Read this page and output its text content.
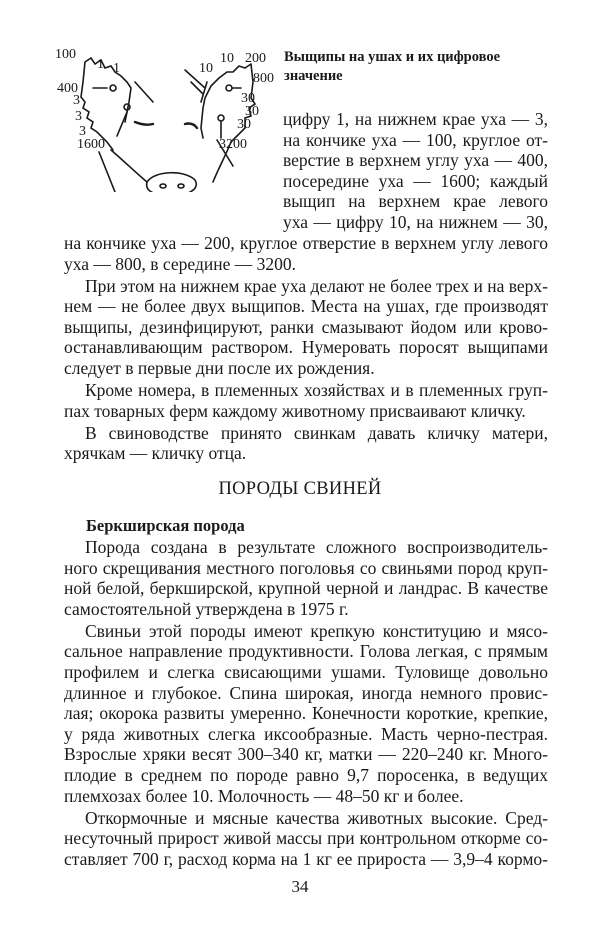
100
1 1
400
3
3
3
1600
10
10 200
800
30
30
30
3200
Выщипы на ушах и их цифровое значение
цифру 1, на нижнем крае уха — 3,
на кончике уха — 100, круглое от-
верстие в верхнем углу уха — 400,
посередине уха — 1600; каждый
выщип на верхнем крае левого
уха — цифру 10, на нижнем — 30,
на кончике уха — 200, круглое отверстие в верхнем углу левого
уха — 800, в середине — 3200.
При этом на нижнем крае уха делают не более трех и на верх-
нем — не более двух выщипов. Места на ушах, где производят
выщипы, дезинфицируют, ранки смазывают йодом или крово-
останавливающим раствором. Нумеровать поросят выщипами
следует в первые дни после их рождения.
Кроме номера, в племенных хозяйствах и в племенных груп-
пах товарных ферм каждому животному присваивают кличку.
В свиноводстве принято свинкам давать кличку матери,
хрячкам — кличку отца.
ПОРОДЫ СВИНЕЙ
Беркширская порода
Порода создана в результате сложного воспроизводитель-
ного скрещивания местного поголовья со свиньями пород круп-
ной белой, беркширской, крупной черной и ландрас. В качестве
самостоятельной утверждена в 1975 г.
Свиньи этой породы имеют крепкую конституцию и мясо-
сальное направление продуктивности. Голова легкая, с прямым
профилем и слегка свисающими ушами. Туловище довольно
длинное и глубокое. Спина широкая, иногда немного провис-
лая; окорока развиты умеренно. Конечности короткие, крепкие,
у ряда животных слегка иксообразные. Масть черно-пестрая.
Взрослые хряки весят 300–340 кг, матки — 220–240 кг. Много-
плодие в среднем по породе равно 9,7 поросенка, в ведущих
племхозах более 10. Молочность — 48–50 кг и более.
Откормочные и мясные качества животных высокие. Сред-
несуточный прирост живой массы при контрольном откорме со-
ставляет 700 г, расход корма на 1 кг ее прироста — 3,9–4 кормо-
34
